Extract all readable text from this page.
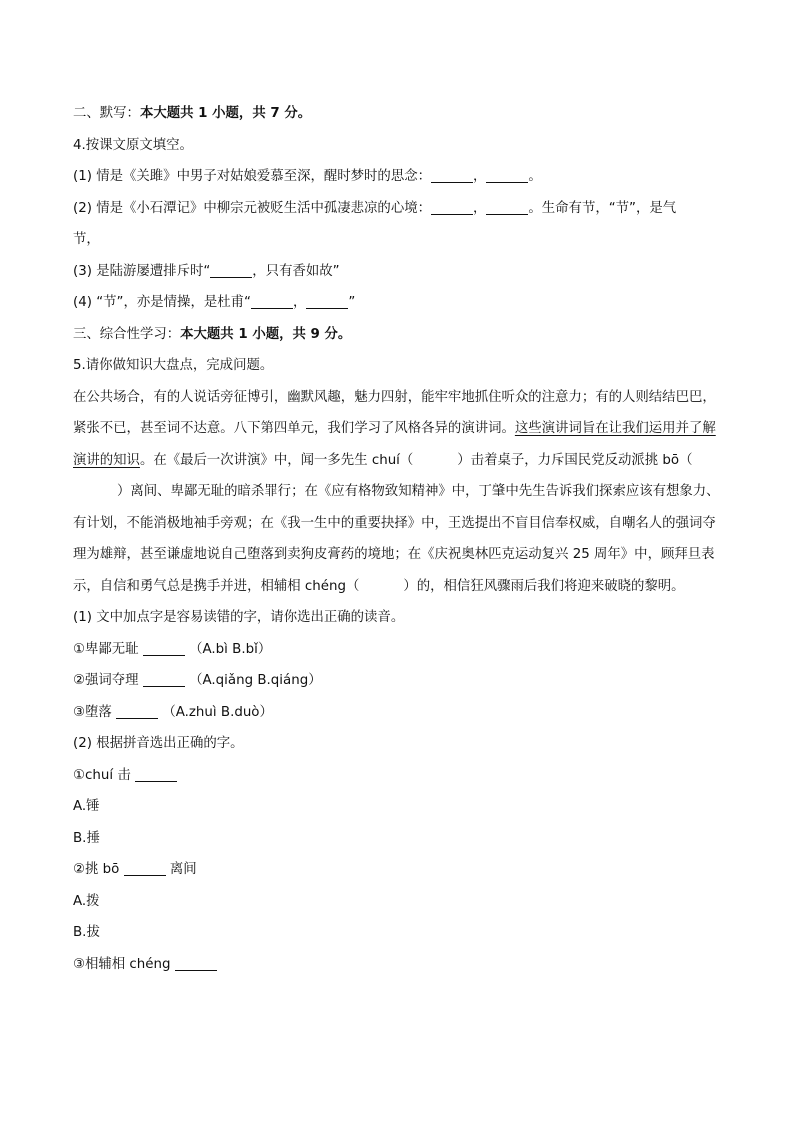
二、默写：本大题共 1 小题，共 7 分。

4.按课文原文填空。

(1) 情是《关雎》中男子对姑娘爱慕至深，醒时梦时的思念：	，	。

(2) 情是《小石潭记》中柳宗元被贬生活中孤凄悲凉的心境：	，	。生命有节，“节”，是气

节，

(3) 是陆游屡遭排斥时“	，只有香如故”

(4) “节”，亦是情操，是杜甫“	，	”

三、综合性学习：本大题共 1 小题，共 9 分。

5.请你做知识大盘点，完成问题。

在公共场合，有的人说话旁征博引，幽默风趣，魅力四射，能牢牢地抓住听众的注意力；有的人则结结巴巴，紧张不已，甚至词不达意。八下第四单元，我们学习了风格各异的演讲词。这些演讲词旨在让我们运用并了解演讲的知识。在《最后一次讲演》中，闻一多先生 chuí（	）击着桌子，力斥国民党反动派挑 bō（）离间、卑鄙无耻的暗杀罪行；在《应有格物致知精神》中，丁肇中先生告诉我们探索应该有想象力、有计划，不能消极地袖手旁观；在《我一生中的重要抉择》中，王选提出不盲目信奉权威，自嘲名人的强词夺理为雄辩，甚至谦虚地说自己堕落到卖狗皮膏药的境地；在《庆祝奥林匹克运动复兴 25 周年》中，顾拜旦表示，自信和勇气总是携手并进，相辅相 chéng（	）的，相信狂风骤雨后我们将迎来破晓的黎明。

(1) 文中加点字是容易读错的字，请你选出正确的读音。

①卑鄙无耻	（A.bì B.bǐ）

②强词夺理	（A.qiǎng B.qiáng）

③堕落	（A.zhuì B.duò）

(2) 根据拼音选出正确的字。

①chuí 击

A.锤

B.捶

②挑 bō	离间

A.拨

B.拔

③相辅相 chéng
